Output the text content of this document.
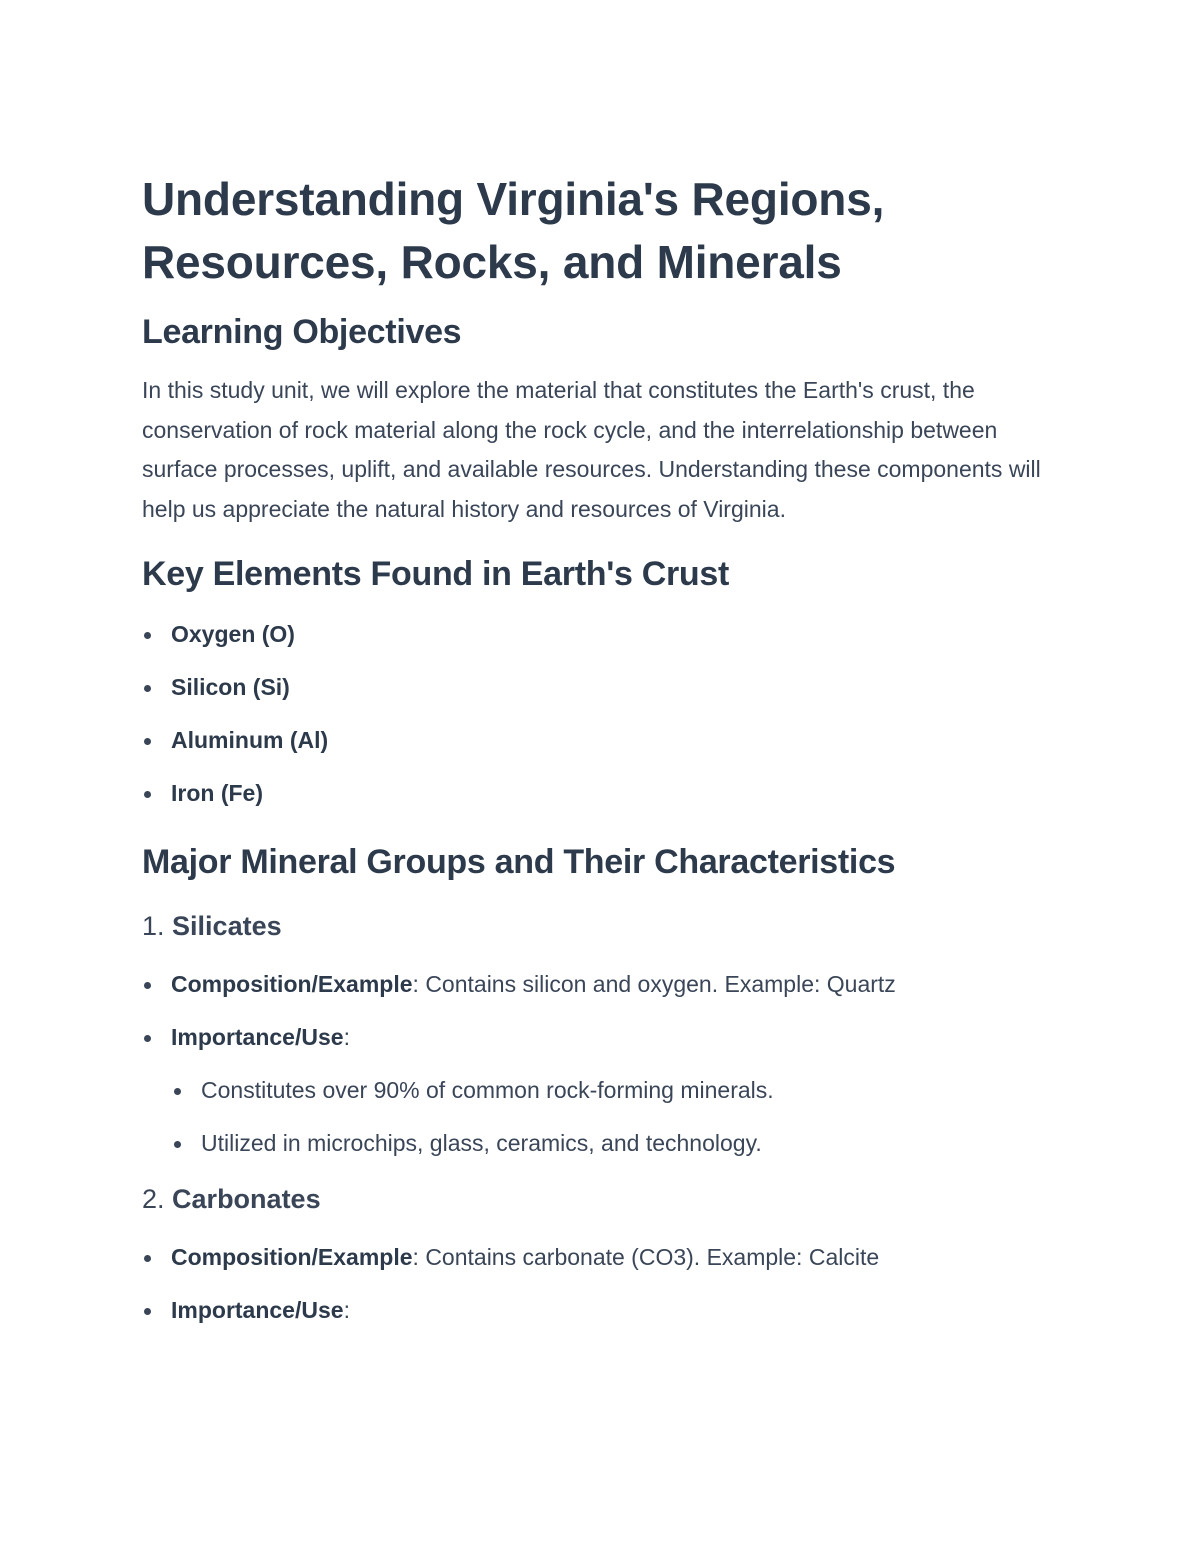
Understanding Virginia's Regions, Resources, Rocks, and Minerals
Learning Objectives

In this study unit, we will explore the material that constitutes the Earth's crust, the conservation of rock material along the rock cycle, and the interrelationship between surface processes, uplift, and available resources. Understanding these components will help us appreciate the natural history and resources of Virginia.

Key Elements Found in Earth's Crust
Oxygen (O)
Silicon (Si)
Aluminum (Al)
Iron (Fe)
Major Mineral Groups and Their Characteristics
1. Silicates
Composition/Example: Contains silicon and oxygen. Example: Quartz
Importance/Use:
Constitutes over 90% of common rock-forming minerals.
Utilized in microchips, glass, ceramics, and technology.
2. Carbonates
Composition/Example: Contains carbonate (CO3). Example: Calcite
Importance/Use:
